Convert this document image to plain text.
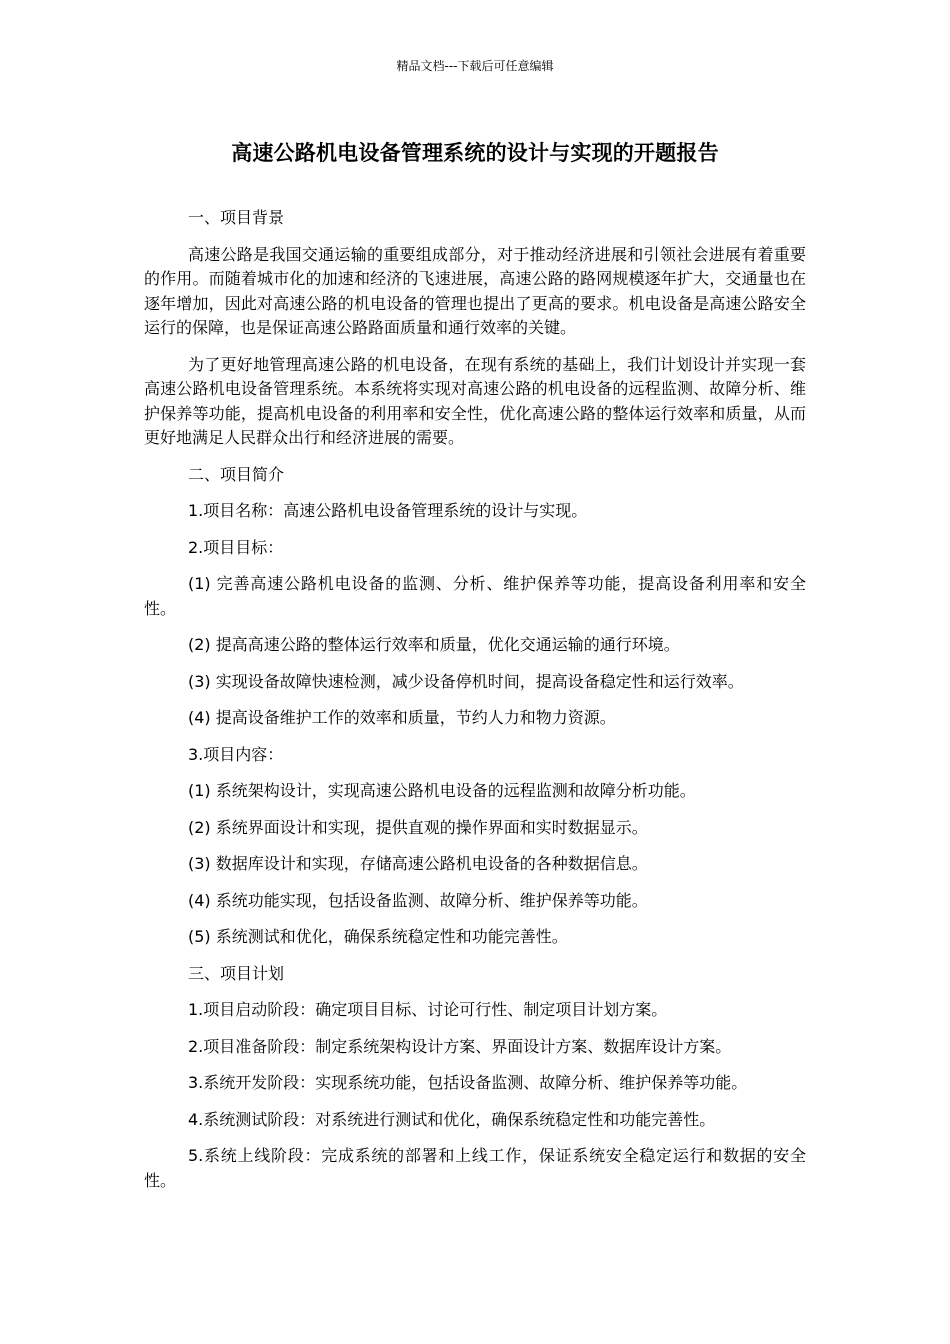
精品文档---下载后可任意编辑
高速公路机电设备管理系统的设计与实现的开题报告

一、项目背景

高速公路是我国交通运输的重要组成部分，对于推动经济进展和引领社会进展有着重要的作用。而随着城市化的加速和经济的飞速进展，高速公路的路网规模逐年扩大，交通量也在逐年增加，因此对高速公路的机电设备的管理也提出了更高的要求。机电设备是高速公路安全运行的保障，也是保证高速公路路面质量和通行效率的关键。

为了更好地管理高速公路的机电设备，在现有系统的基础上，我们计划设计并实现一套高速公路机电设备管理系统。本系统将实现对高速公路的机电设备的远程监测、故障分析、维护保养等功能，提高机电设备的利用率和安全性，优化高速公路的整体运行效率和质量，从而更好地满足人民群众出行和经济进展的需要。

二、项目简介

1.项目名称：高速公路机电设备管理系统的设计与实现。

2.项目目标：

(1) 完善高速公路机电设备的监测、分析、维护保养等功能，提高设备利用率和安全性。

(2) 提高高速公路的整体运行效率和质量，优化交通运输的通行环境。

(3) 实现设备故障快速检测，减少设备停机时间，提高设备稳定性和运行效率。

(4) 提高设备维护工作的效率和质量，节约人力和物力资源。

3.项目内容：

(1) 系统架构设计，实现高速公路机电设备的远程监测和故障分析功能。

(2) 系统界面设计和实现，提供直观的操作界面和实时数据显示。

(3) 数据库设计和实现，存储高速公路机电设备的各种数据信息。

(4) 系统功能实现，包括设备监测、故障分析、维护保养等功能。

(5) 系统测试和优化，确保系统稳定性和功能完善性。

三、项目计划

1.项目启动阶段：确定项目目标、讨论可行性、制定项目计划方案。

2.项目准备阶段：制定系统架构设计方案、界面设计方案、数据库设计方案。

3.系统开发阶段：实现系统功能，包括设备监测、故障分析、维护保养等功能。

4.系统测试阶段：对系统进行测试和优化，确保系统稳定性和功能完善性。

5.系统上线阶段：完成系统的部署和上线工作，保证系统安全稳定运行和数据的安全性。
